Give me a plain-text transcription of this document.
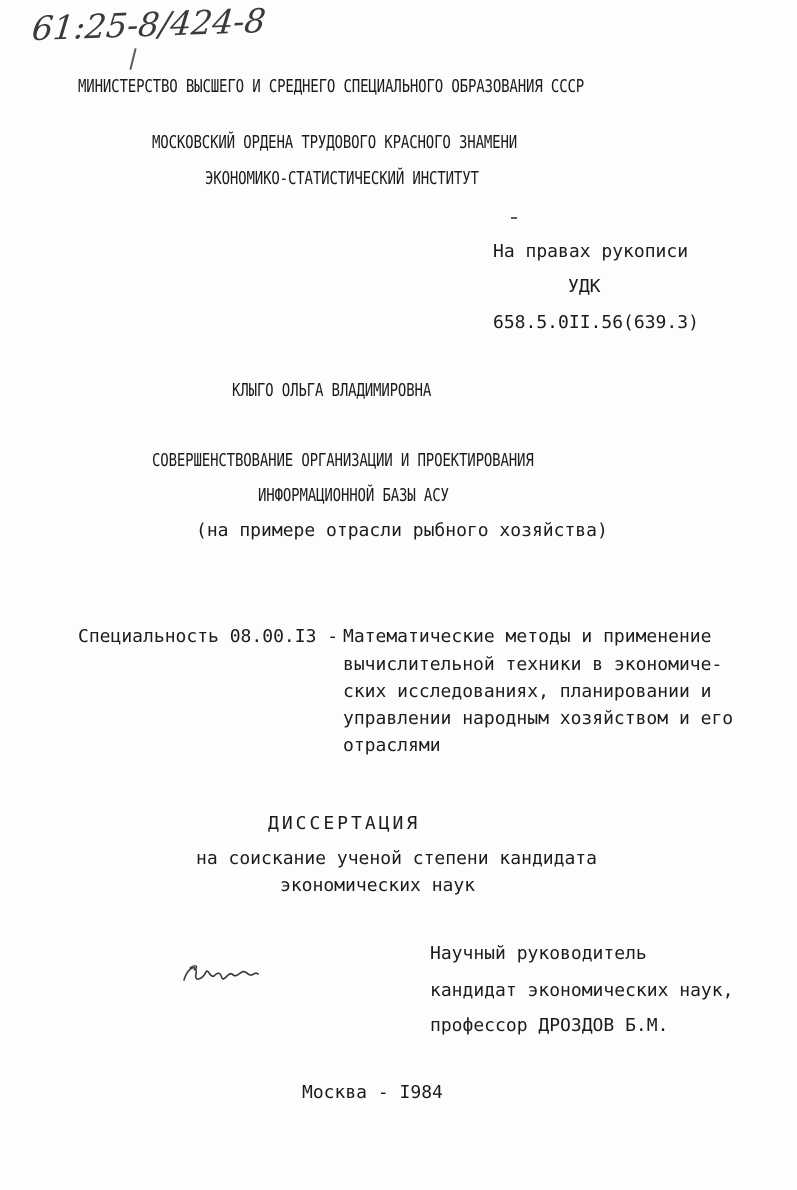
61:25-8/424-8

МИНИСТЕРСТВО ВЫСШЕГО И СРЕДНЕГО СПЕЦИАЛЬНОГО ОБРАЗОВАНИЯ СССР

МОСКОВСКИЙ ОРДЕНА ТРУДОВОГО КРАСНОГО ЗНАМЕНИ

ЭКОНОМИКО-СТАТИСТИЧЕСКИЙ ИНСТИТУТ

На правах рукописи

УДК

658.5.0II.56(639.3)

КЛЫГО ОЛЬГА ВЛАДИМИРОВНА

СОВЕРШЕНСТВОВАНИЕ ОРГАНИЗАЦИИ И ПРОЕКТИРОВАНИЯ

ИНФОРМАЦИОННОЙ БАЗЫ АСУ

(на примере отрасли рыбного хозяйства)

Специальность 08.00.I3 - Математические методы и применение

вычислительной техники в экономиче-

ских исследованиях, планировании и

управлении народным хозяйством и его

отраслями

ДИССЕРТАЦИЯ

на соискание ученой степени кандидата

экономических наук

Научный руководитель

кандидат экономических наук,

профессор ДРОЗДОВ Б.М.

Москва - I984
